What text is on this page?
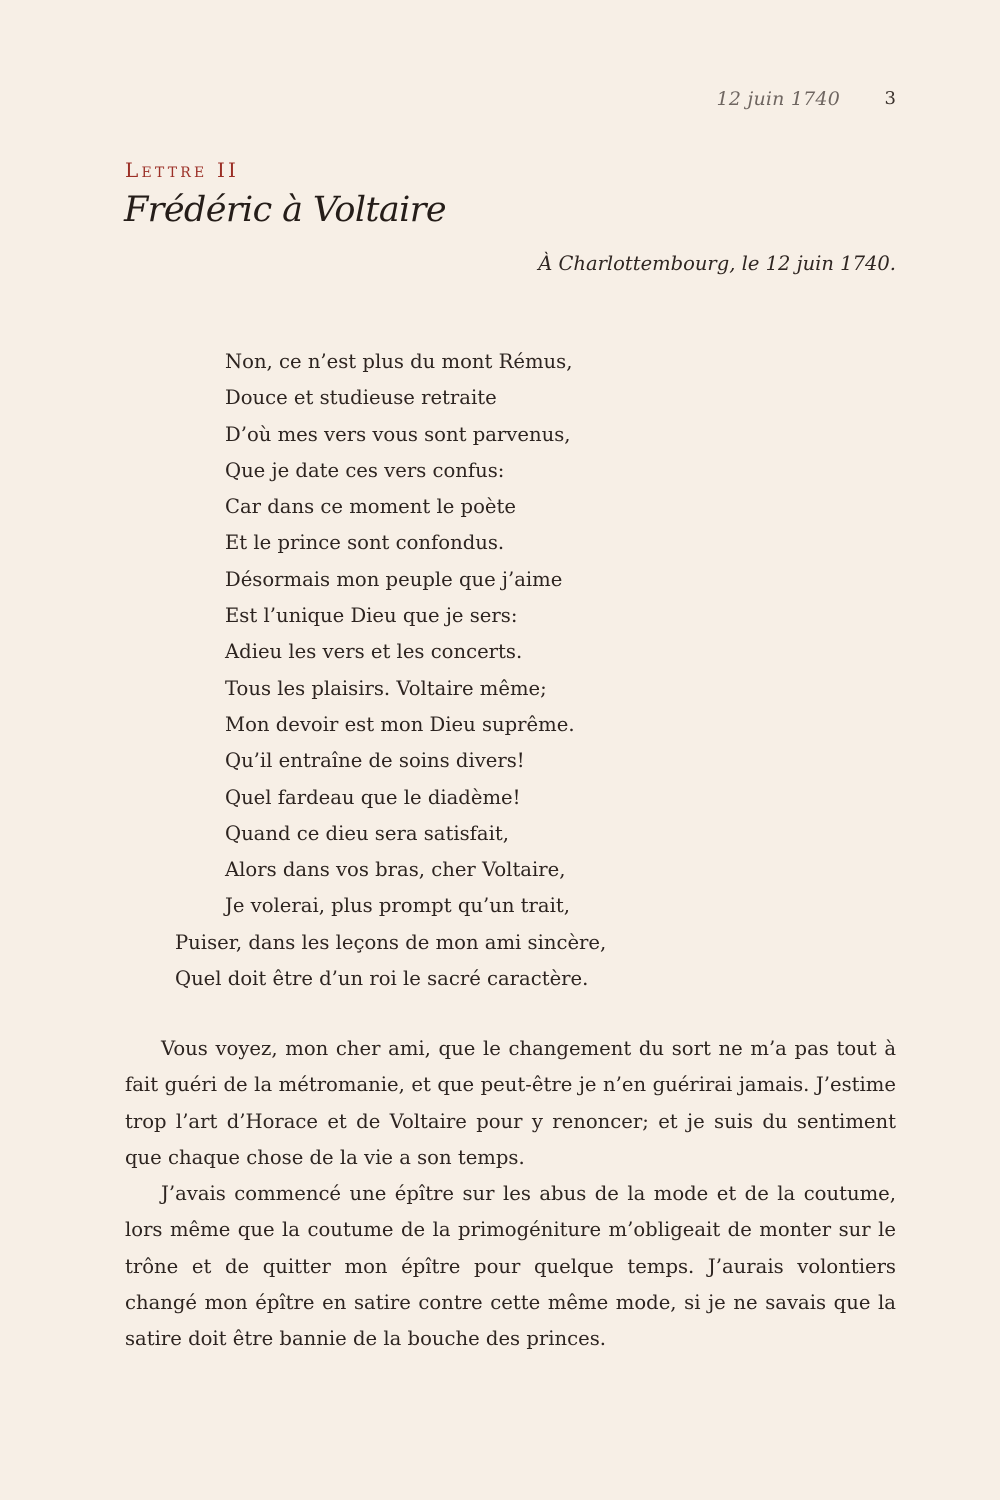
12 juin 1740 3
Lettre II
Frédéric à Voltaire
À Charlottembourg, le 12 juin 1740.
Non, ce n’est plus du mont Rémus,
Douce et studieuse retraite
D’où mes vers vous sont parvenus,
Que je date ces vers confus:
Car dans ce moment le poète
Et le prince sont confondus.
Désormais mon peuple que j’aime
Est l’unique Dieu que je sers:
Adieu les vers et les concerts.
Tous les plaisirs. Voltaire même;
Mon devoir est mon Dieu suprême.
Qu’il entraîne de soins divers!
Quel fardeau que le diadème!
Quand ce dieu sera satisfait,
Alors dans vos bras, cher Voltaire,
Je volerai, plus prompt qu’un trait,
Puiser, dans les leçons de mon ami sincère,
Quel doit être d’un roi le sacré caractère.

Vous voyez, mon cher ami, que le changement du sort ne m’a pas tout à fait guéri de la métromanie, et que peut-être je n’en guérirai jamais. J’estime trop l’art d’Horace et de Voltaire pour y renoncer; et je suis du sentiment que chaque chose de la vie a son temps.

J’avais commencé une épître sur les abus de la mode et de la coutume, lors même que la coutume de la primogéniture m’obligeait de monter sur le trône et de quitter mon épître pour quelque temps. J’aurais volontiers changé mon épître en satire contre cette même mode, si je ne savais que la satire doit être bannie de la bouche des princes.
